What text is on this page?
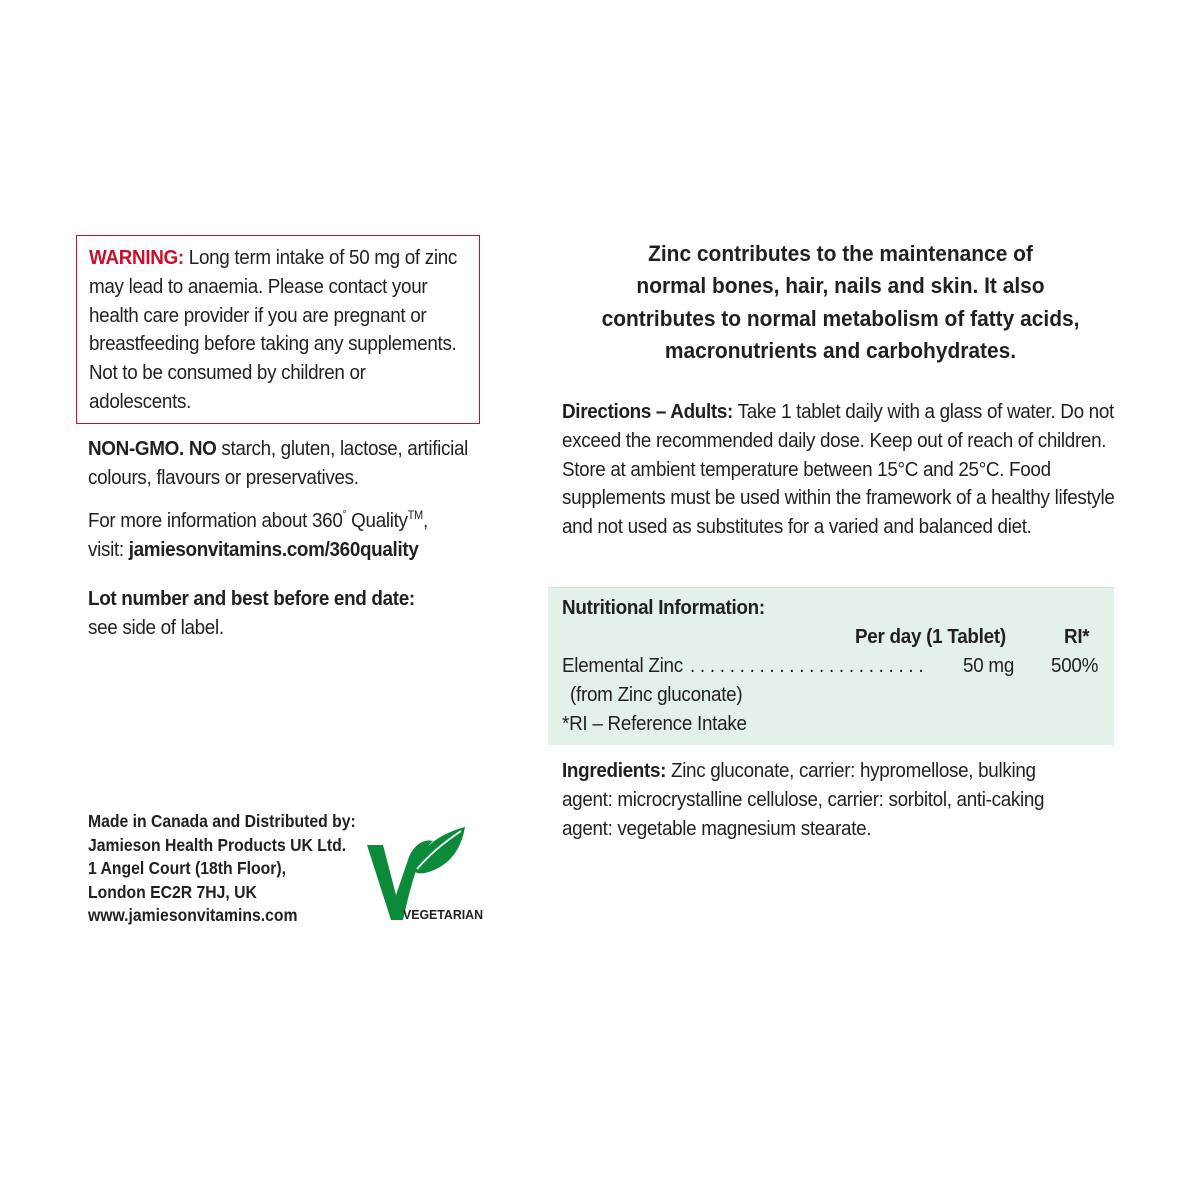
WARNING: Long term intake of 50 mg of zinc may lead to anaemia. Please contact your health care provider if you are pregnant or breastfeeding before taking any supplements. Not to be consumed by children or adolescents.
NON-GMO. NO starch, gluten, lactose, artificial colours, flavours or preservatives.
For more information about 360° Quality™,
visit: jamiesonvitamins.com/360quality
Lot number and best before end date:
see side of label.
Made in Canada and Distributed by:
Jamieson Health Products UK Ltd.
1 Angel Court (18th Floor),
London EC2R 7HJ, UK
www.jamiesonvitamins.com	VEGETARIAN
Zinc contributes to the maintenance of
normal bones, hair, nails and skin. It also
contributes to normal metabolism of fatty acids,
macronutrients and carbohydrates.
Directions – Adults: Take 1 tablet daily with a glass of water. Do not exceed the recommended daily dose. Keep out of reach of children. Store at ambient temperature between 15°C and 25°C. Food supplements must be used within the framework of a healthy lifestyle and not used as substitutes for a varied and balanced diet.
Nutritional Information:
Per day (1 Tablet)	RI*
Elemental Zinc . . . . . . . . . . . . . . . . . . . . . . . . 50 mg 500%
(from Zinc gluconate)
*RI – Reference Intake
Ingredients: Zinc gluconate, carrier: hypromellose, bulking agent: microcrystalline cellulose, carrier: sorbitol, anti-caking agent: vegetable magnesium stearate.
